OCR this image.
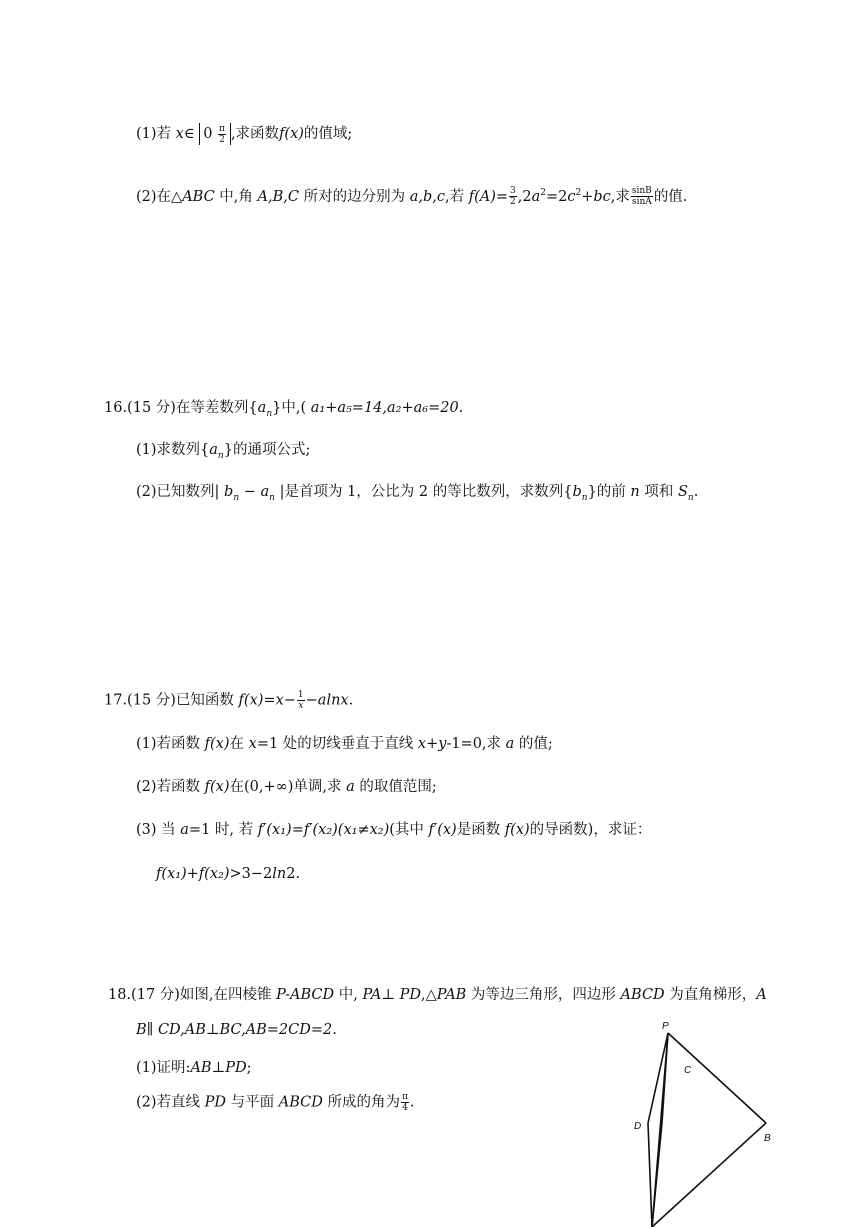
(1)若 x∈ $0 \frac{\pi}{2}$ ,求函数f(x)的值域;
(2)在△ABC 中,角 A,B,C 所对的边分别为 a,b,c,若 $f(A)= \frac{3}{2} ,2a^2=2c^2+bc$,求 $\frac{\sin B}{\sin A}$ 的值.
16.(15 分)在等差数列$\{a_n\}$中,( a₁+a₅=14,a₂+a₆=20.
(1)求数列$\{a_n\}$的通项公式;
(2)已知数列| $b_n - a_n$ |是首项为 1，公比为 2 的等比数列，求数列$\{b_n\}$的前 n 项和 $S_n$.
17.(15 分)已知函数 $f(x)=x- \frac{1}{x} -alnx$.
(1)若函数 f(x)在 x=1 处的切线垂直于直线 x+y-1=0,求 a 的值;
(2)若函数 f(x)在(0,+∞)单调,求 a 的取值范围;
(3) 当 a=1 时, 若 f′(x₁)=f′(x₂)(x₁≠x₂)(其中 f′(x)是函数 f(x)的导函数)，求证：
f(x₁)+f(x₂)>3−2ln2.
18.(17 分)如图,在四棱锥 P-ABCD 中, PA⊥ PD,△PAB 为等边三角形，四边形 ABCD 为直角梯形，A
B∥ CD,AB⊥BC,AB=2CD=2.
(1)证明:AB⊥PD;
(2)若直线 PD 与平面 ABCD 所成的角为 $\frac{\pi}{4}$ .
P
C
D
B
